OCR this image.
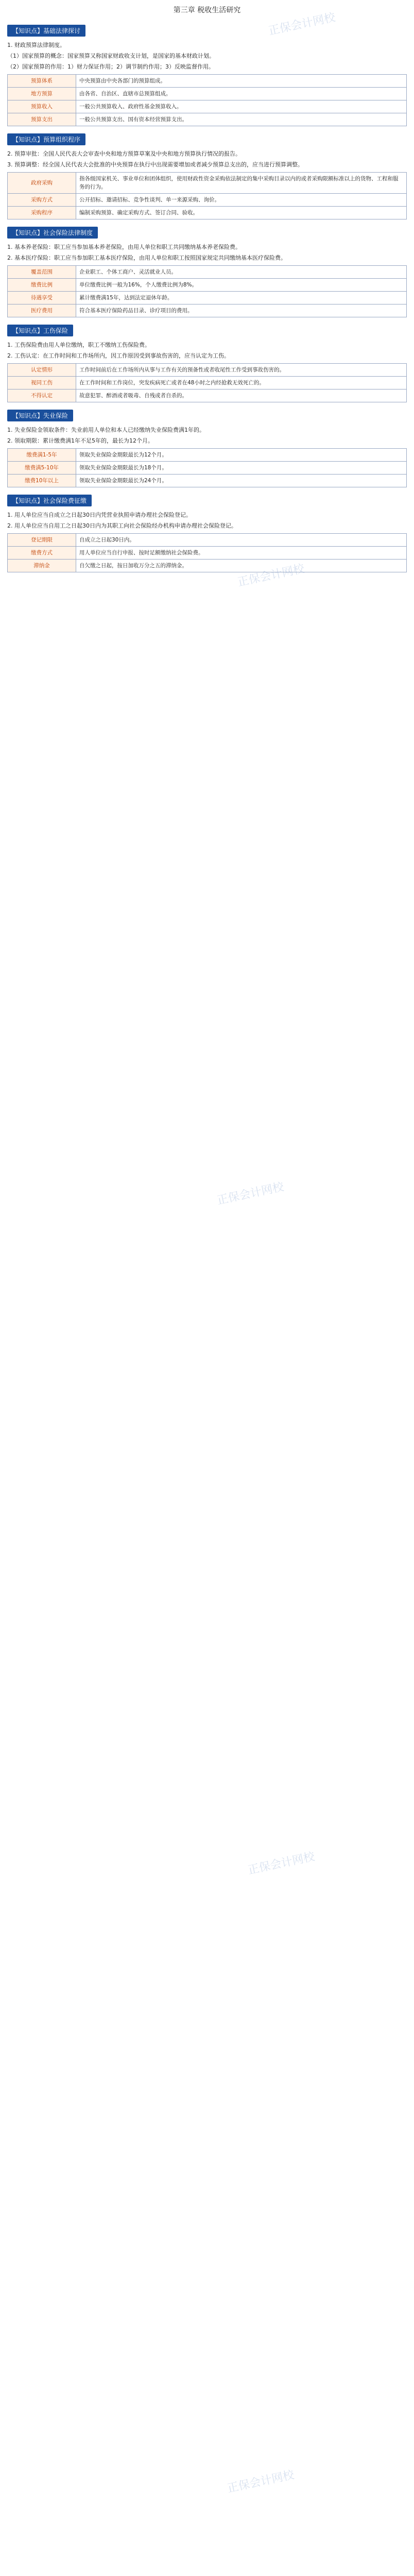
第三章 税收生活研究
【知识点】基础法律探讨

1. 财政预算法律制度。

（1）国家预算的概念：国家预算又称国家财政收支计划，是国家的基本财政计划。

（2）国家预算的作用：1）财力保证作用；2）调节制约作用；3）反映监督作用。

预算体系	中央预算由中央各部门的预算组成。
地方预算	由各省、自治区、直辖市总预算组成。
预算收入	一般公共预算收入、政府性基金预算收入。
预算支出	一般公共预算支出、国有资本经营预算支出。
【知识点】预算组织程序

2. 预算审批：全国人民代表大会审查中央和地方预算草案及中央和地方预算执行情况的报告。

3. 预算调整：经全国人民代表大会批准的中央预算在执行中出现需要增加或者减少预算总支出的，应当进行预算调整。

政府采购	指各级国家机关、事业单位和团体组织，使用财政性资金采购依法制定的集中采购目录以内的或者采购限额标准以上的货物、工程和服务的行为。
采购方式	公开招标、邀请招标、竞争性谈判、单一来源采购、询价。
采购程序	编制采购预算、确定采购方式、签订合同、验收。
【知识点】社会保险法律制度

1. 基本养老保险：职工应当参加基本养老保险，由用人单位和职工共同缴纳基本养老保险费。

2. 基本医疗保险：职工应当参加职工基本医疗保险，由用人单位和职工按照国家规定共同缴纳基本医疗保险费。

覆盖范围	企业职工、个体工商户、灵活就业人员。
缴费比例	单位缴费比例一般为16%，个人缴费比例为8%。
待遇享受	累计缴费满15年，达到法定退休年龄。
医疗费用	符合基本医疗保险药品目录、诊疗项目的费用。
【知识点】工伤保险

1. 工伤保险费由用人单位缴纳，职工不缴纳工伤保险费。

2. 工伤认定：在工作时间和工作场所内，因工作原因受到事故伤害的，应当认定为工伤。

认定情形	工作时间前后在工作场所内从事与工作有关的预备性或者收尾性工作受到事故伤害的。
视同工伤	在工作时间和工作岗位，突发疾病死亡或者在48小时之内经抢救无效死亡的。
不得认定	故意犯罪、醉酒或者吸毒、自残或者自杀的。
【知识点】失业保险

1. 失业保险金领取条件：失业前用人单位和本人已经缴纳失业保险费满1年的。

2. 领取期限：累计缴费满1年不足5年的，最长为12个月。

缴费满1-5年	领取失业保险金期限最长为12个月。
缴费满5-10年	领取失业保险金期限最长为18个月。
缴费10年以上	领取失业保险金期限最长为24个月。
【知识点】社会保险费征缴

1. 用人单位应当自成立之日起30日内凭营业执照申请办理社会保险登记。

2. 用人单位应当自用工之日起30日内为其职工向社会保险经办机构申请办理社会保险登记。

登记期限	自成立之日起30日内。
缴费方式	用人单位应当自行申报、按时足额缴纳社会保险费。
滞纳金	自欠缴之日起，按日加收万分之五的滞纳金。
正保会计网校
正保会计网校
正保会计网校
正保会计网校
正保会计网校
